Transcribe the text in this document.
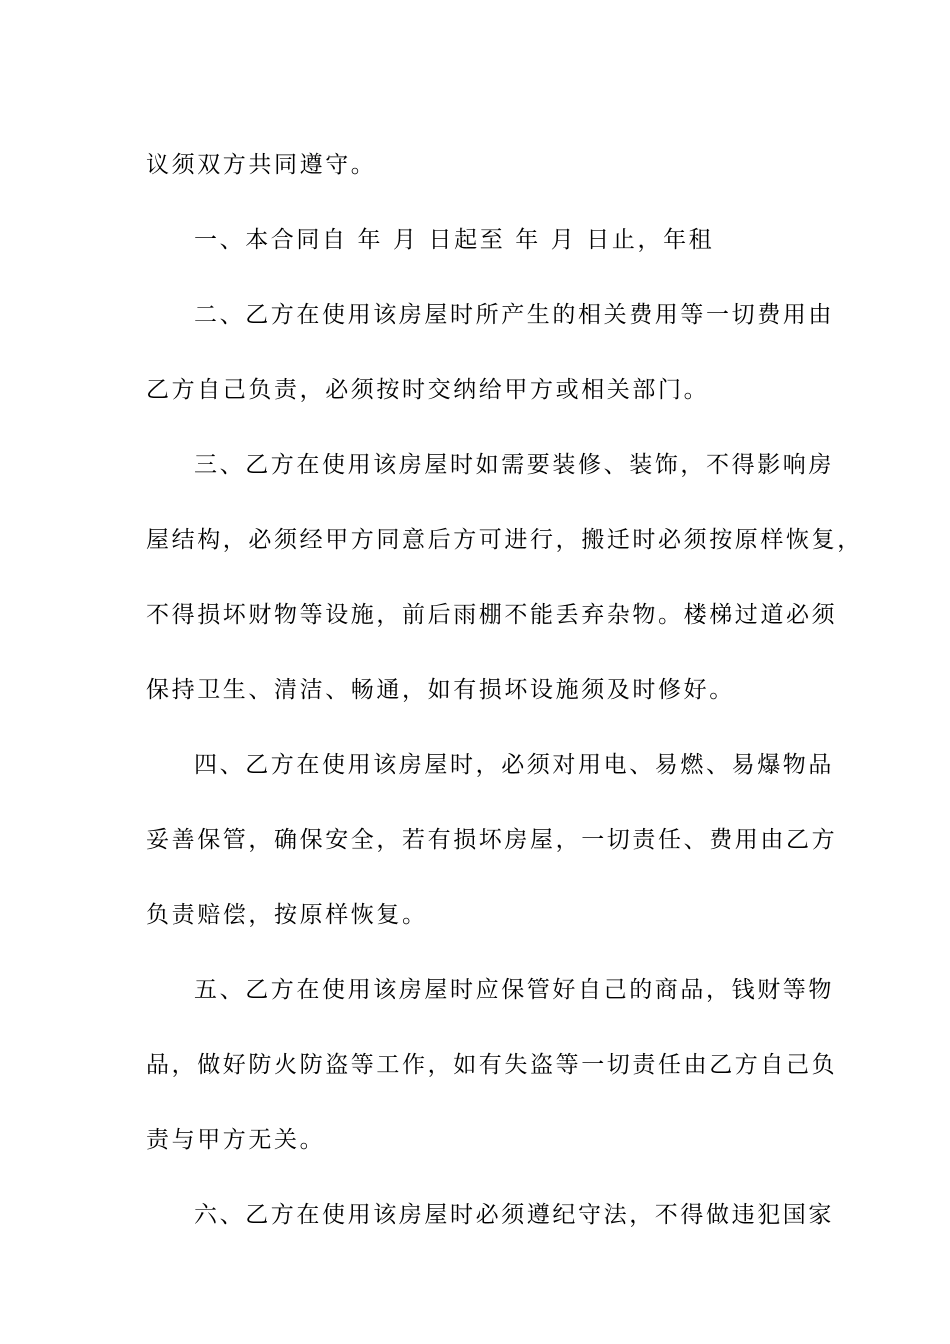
议须双方共同遵守。
一、本合同自 年 月 日起至 年 月 日止，年租
二、乙方在使用该房屋时所产生的相关费用等一切费用由
乙方自己负责，必须按时交纳给甲方或相关部门。
三、乙方在使用该房屋时如需要装修、装饰，不得影响房
屋结构，必须经甲方同意后方可进行，搬迁时必须按原样恢复，
不得损坏财物等设施，前后雨棚不能丢弃杂物。楼梯过道必须
保持卫生、清洁、畅通，如有损坏设施须及时修好。
四、乙方在使用该房屋时，必须对用电、易燃、易爆物品
妥善保管，确保安全，若有损坏房屋，一切责任、费用由乙方
负责赔偿，按原样恢复。
五、乙方在使用该房屋时应保管好自己的商品，钱财等物
品，做好防火防盗等工作，如有失盗等一切责任由乙方自己负
责与甲方无关。
六、乙方在使用该房屋时必须遵纪守法，不得做违犯国家
